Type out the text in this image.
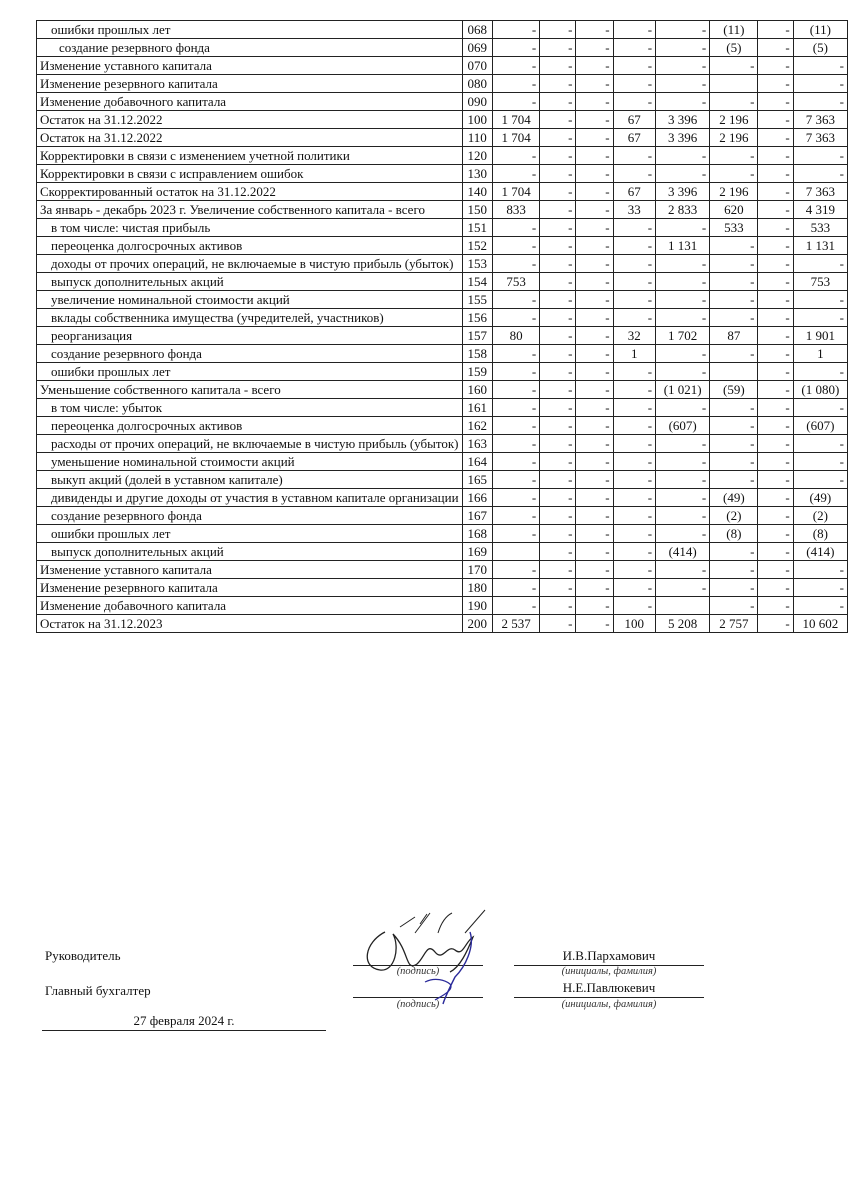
ошибки прошлых лет	068	-	-	-	-	-	(11)	-	(11)
создание резервного фонда	069	-	-	-	-	-	(5)	-	(5)
Изменение уставного капитала	070	-	-	-	-	-	-	-	-
Изменение резервного капитала	080	-	-	-	-	-		-	-
Изменение добавочного капитала	090	-	-	-	-	-	-	-	-
Остаток на 31.12.2022	100	1 704	-	-	67	3 396	2 196	-	7 363
Остаток на 31.12.2022	110	1 704	-	-	67	3 396	2 196	-	7 363
Корректировки в связи с изменением учетной политики	120	-	-	-	-	-	-	-	-
Корректировки в связи с исправлением ошибок	130	-	-	-	-	-	-	-	-
Скорректированный остаток на 31.12.2022	140	1 704	-	-	67	3 396	2 196	-	7 363
За январь - декабрь 2023 г. Увеличение собственного капитала - всего	150	833	-	-	33	2 833	620	-	4 319
в том числе: чистая прибыль	151	-	-	-	-	-	533	-	533
переоценка долгосрочных активов	152	-	-	-	-	1 131	-	-	1 131
доходы от прочих операций, не включаемые в чистую прибыль (убыток)	153	-	-	-	-	-	-	-	-
выпуск дополнительных акций	154	753	-	-	-	-	-	-	753
увеличение номинальной стоимости акций	155	-	-	-	-	-	-	-	-
вклады собственника имущества (учредителей, участников)	156	-	-	-	-	-	-	-	-
реорганизация	157	80	-	-	32	1 702	87	-	1 901
создание резервного фонда	158	-	-	-	1	-	-	-	1
ошибки прошлых лет	159	-	-	-	-	-		-	-
Уменьшение собственного капитала - всего	160	-	-	-	-	(1 021)	(59)	-	(1 080)
в том числе: убыток	161	-	-	-	-	-	-	-	-
переоценка долгосрочных активов	162	-	-	-	-	(607)	-	-	(607)
расходы от прочих операций, не включаемые в чистую прибыль (убыток)	163	-	-	-	-	-	-	-	-
уменьшение номинальной стоимости акций	164	-	-	-	-	-	-	-	-
выкуп акций (долей в уставном капитале)	165	-	-	-	-	-	-	-	-
дивиденды и другие доходы от участия в уставном капитале организации	166	-	-	-	-	-	(49)	-	(49)
создание резервного фонда	167	-	-	-	-	-	(2)	-	(2)
ошибки прошлых лет	168	-	-	-	-	-	(8)	-	(8)
выпуск дополнительных акций	169		-	-	-	(414)	-	-	(414)
Изменение уставного капитала	170	-	-	-	-	-	-	-	-
Изменение резервного капитала	180	-	-	-	-	-	-	-	-
Изменение добавочного капитала	190	-	-	-	-		-	-	-
Остаток на 31.12.2023	200	2 537	-	-	100	5 208	2 757	-	10 602
Руководитель
(подпись)
И.В.Пархамович
(инициалы, фамилия)
Главный бухгалтер
(подпись)
Н.Е.Павлюкевич
(инициалы, фамилия)
27 февраля 2024 г.
